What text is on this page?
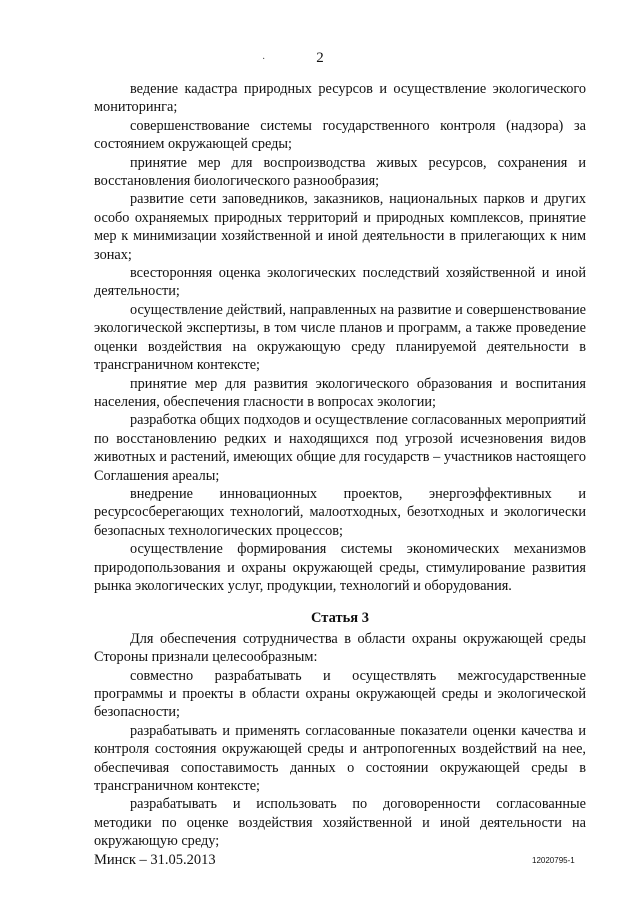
2
·

ведение кадастра природных ресурсов и осуществление экологического мониторинга;

совершенствование системы государственного контроля (надзора) за состоянием окружающей среды;

принятие мер для воспроизводства живых ресурсов, сохранения и восстановления биологического разнообразия;

развитие сети заповедников, заказников, национальных парков и других особо охраняемых природных территорий и природных комплексов, принятие мер к минимизации хозяйственной и иной деятельности в прилегающих к ним зонах;

всесторонняя оценка экологических последствий хозяйственной и иной деятельности;

осуществление действий, направленных на развитие и совершенствование экологической экспертизы, в том числе планов и программ, а также проведение оценки воздействия на окружающую среду планируемой деятельности в трансграничном контексте;

принятие мер для развития экологического образования и воспитания населения, обеспечения гласности в вопросах экологии;

разработка общих подходов и осуществление согласованных мероприятий по восстановлению редких и находящихся под угрозой исчезновения видов животных и растений, имеющих общие для государств – участников настоящего Соглашения ареалы;

внедрение инновационных проектов, энергоэффективных и ресурсосберегающих технологий, малоотходных, безотходных и экологически безопасных технологических процессов;

осуществление формирования системы экономических механизмов природопользования и охраны окружающей среды, стимулирование развития рынка экологических услуг, продукции, технологий и оборудования.

Статья 3

Для обеспечения сотрудничества в области охраны окружающей среды Стороны признали целесообразным:

совместно разрабатывать и осуществлять межгосударственные программы и проекты в области охраны окружающей среды и экологической безопасности;

разрабатывать и применять согласованные показатели оценки качества и контроля состояния окружающей среды и антропогенных воздействий на нее, обеспечивая сопоставимость данных о состоянии окружающей среды в трансграничном контексте;

разрабатывать и использовать по договоренности согласованные методики по оценке воздействия хозяйственной и иной деятельности на окружающую среду;

Минск – 31.05.2013	12020795-1
